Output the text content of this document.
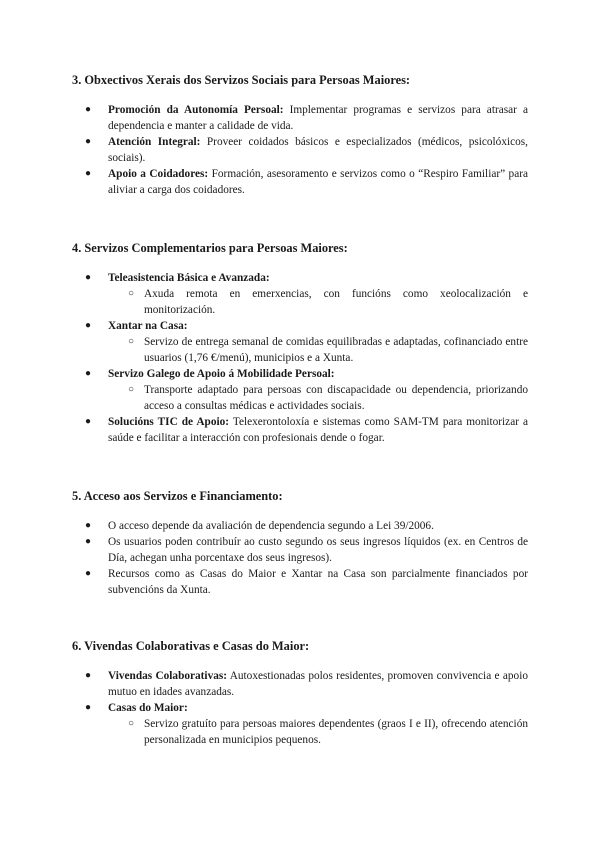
3. Obxectivos Xerais dos Servizos Sociais para Persoas Maiores:
● Promoción da Autonomía Persoal: Implementar programas e servizos para atrasar a dependencia e manter a calidade de vida.
● Atención Integral: Proveer coidados básicos e especializados (médicos, psicolóxicos, sociais).
● Apoio a Coidadores: Formación, asesoramento e servizos como o “Respiro Familiar” para aliviar a carga dos coidadores.
4. Servizos Complementarios para Persoas Maiores:
● Teleasistencia Básica e Avanzada:
○ Axuda remota en emerxencias, con funcións como xeolocalización e monitorización.
● Xantar na Casa:
○ Servizo de entrega semanal de comidas equilibradas e adaptadas, cofinanciado entre usuarios (1,76 €/menú), municipios e a Xunta.
● Servizo Galego de Apoio á Mobilidade Persoal:
○ Transporte adaptado para persoas con discapacidade ou dependencia, priorizando acceso a consultas médicas e actividades sociais.
● Solucións TIC de Apoio: Telexerontoloxía e sistemas como SAM-TM para monitorizar a saúde e facilitar a interacción con profesionais dende o fogar.
5. Acceso aos Servizos e Financiamento:
● O acceso depende da avaliación de dependencia segundo a Lei 39/2006.
● Os usuarios poden contribuír ao custo segundo os seus ingresos líquidos (ex. en Centros de Día, achegan unha porcentaxe dos seus ingresos).
● Recursos como as Casas do Maior e Xantar na Casa son parcialmente financiados por subvencións da Xunta.
6. Vivendas Colaborativas e Casas do Maior:
● Vivendas Colaborativas: Autoxestionadas polos residentes, promoven convivencia e apoio mutuo en idades avanzadas.
● Casas do Maior:
○ Servizo gratuíto para persoas maiores dependentes (graos I e II), ofrecendo atención personalizada en municipios pequenos.
